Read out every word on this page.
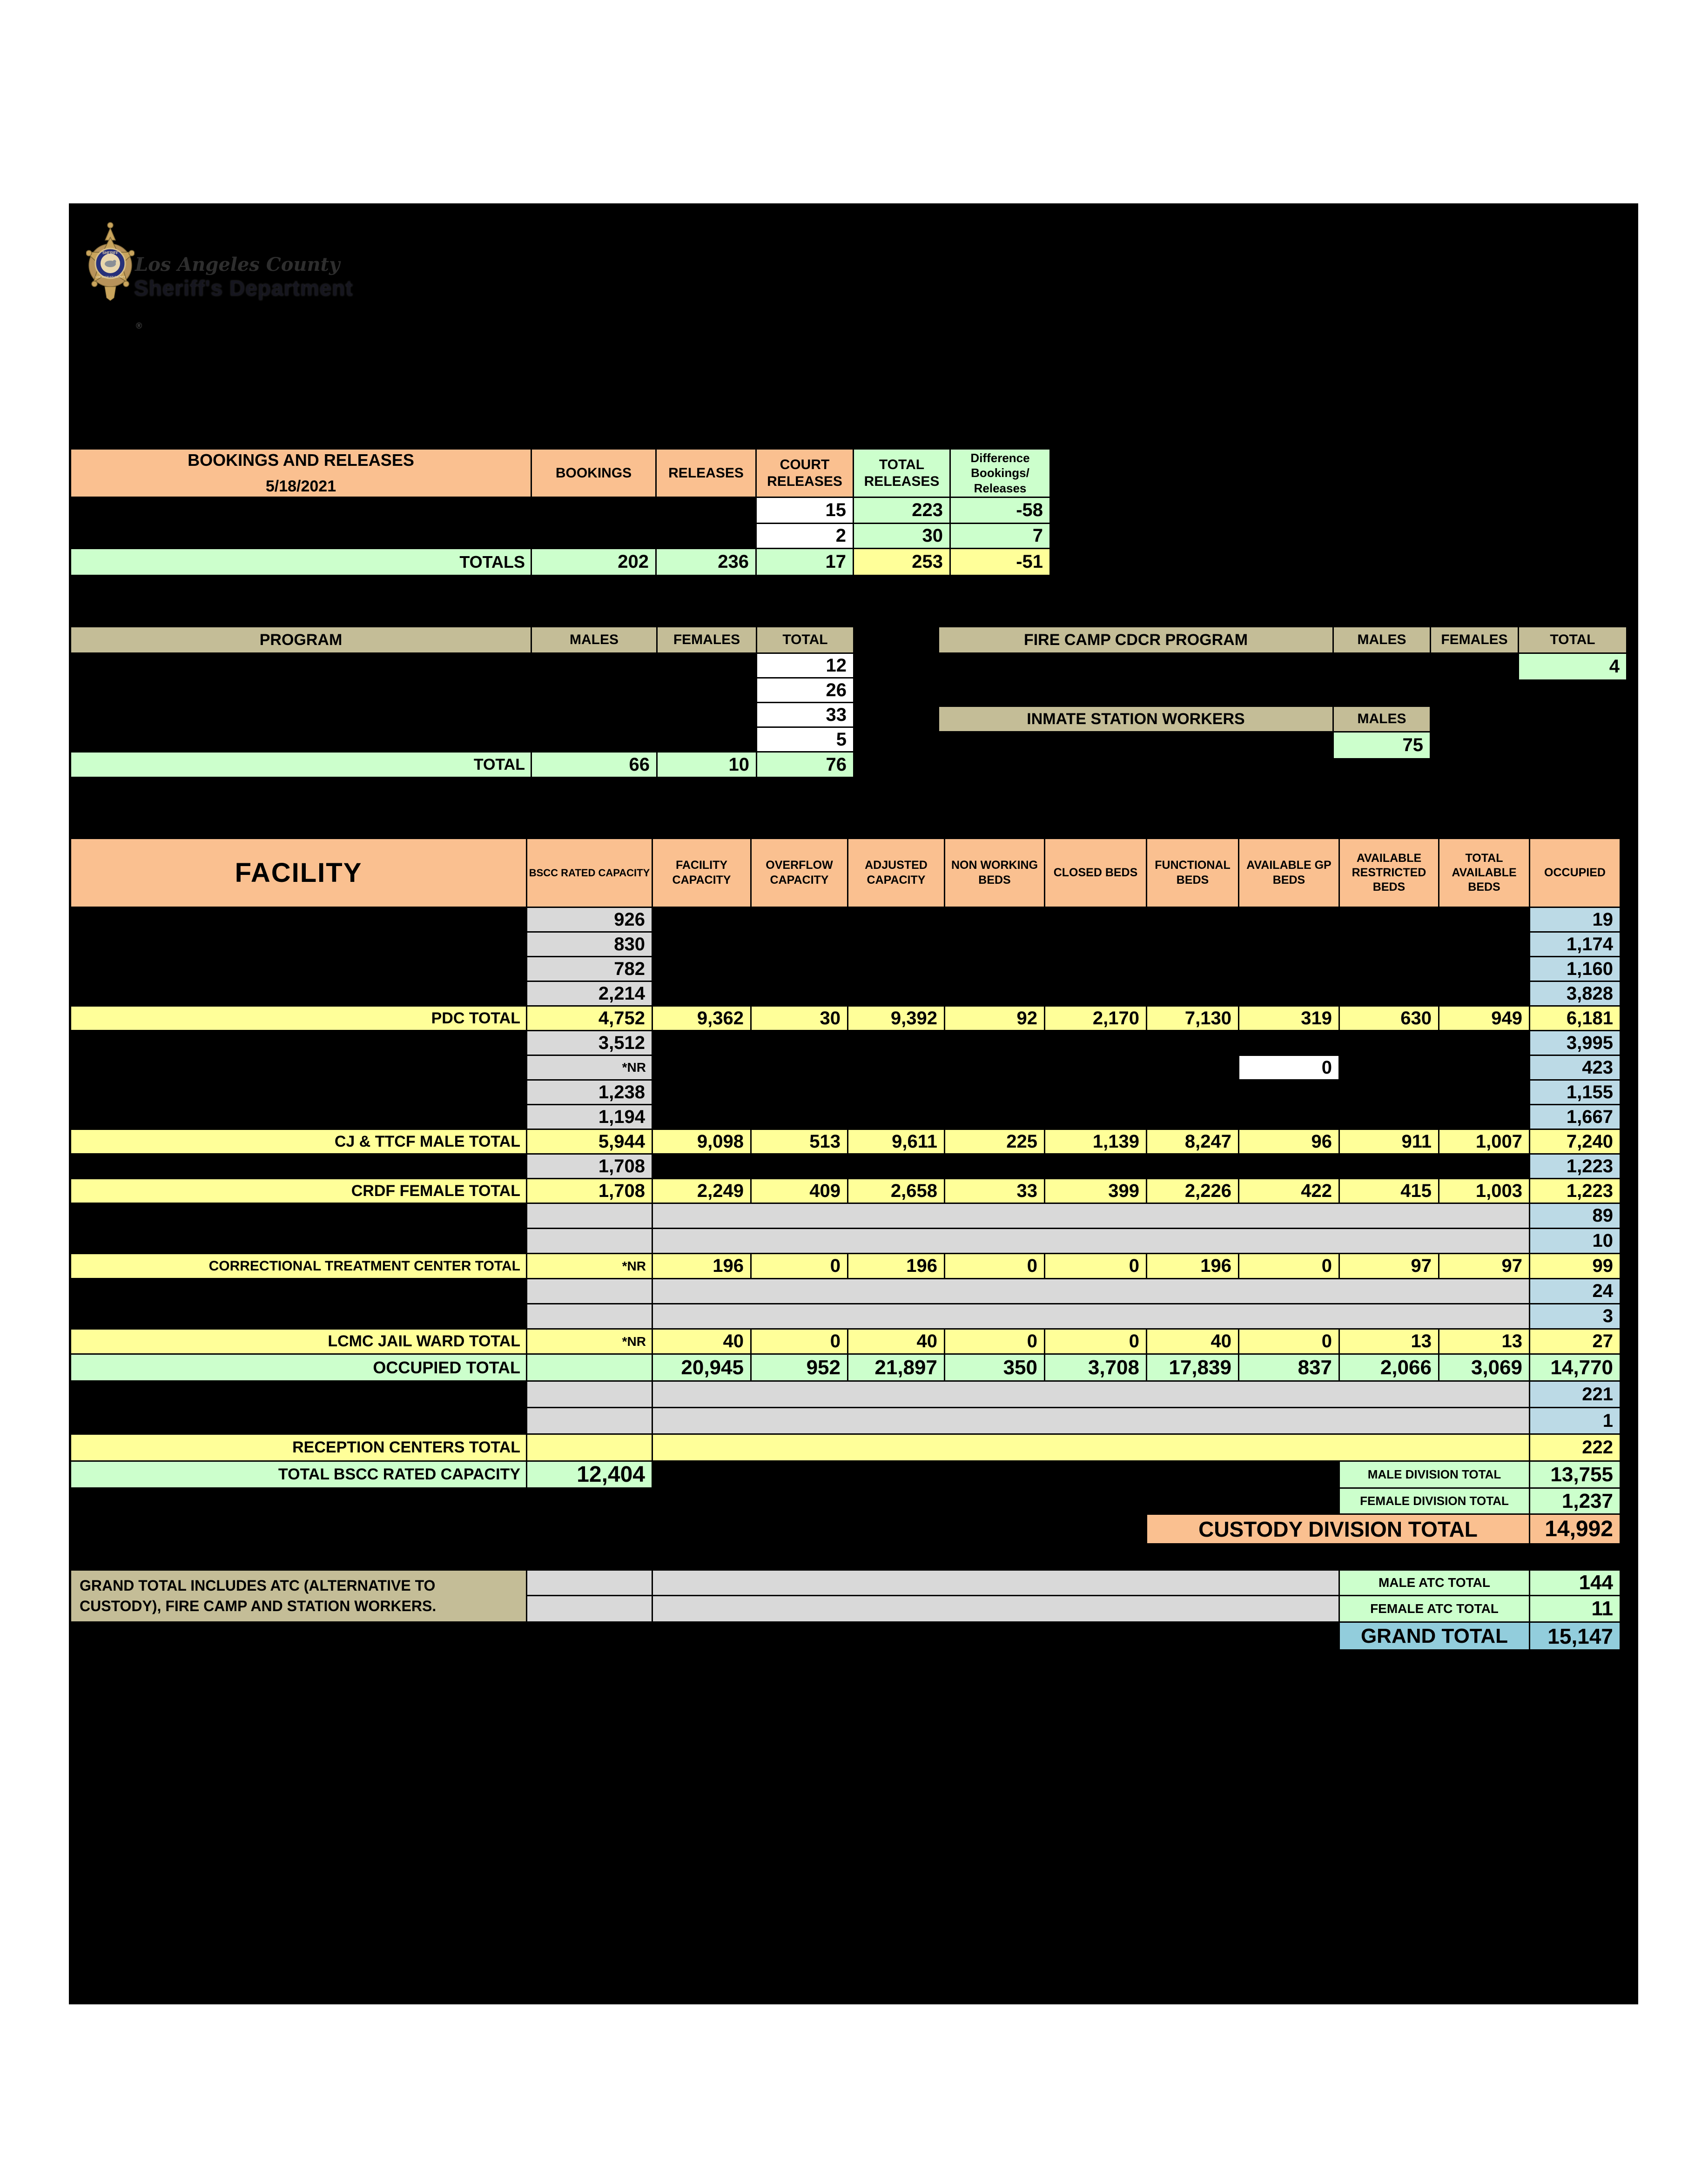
SHERIFF
LOS ANGELES COUNTY
Los Angeles County
Sheriff's Department
®
BOOKINGS AND RELEASES
5/18/2021	BOOKINGS	RELEASES	COURT RELEASES	TOTAL RELEASES	Difference Bookings/ Releases
			15	223	-58
			2	30	7
TOTALS	202	236	17	253	-51
PROGRAM	MALES	FEMALES	TOTAL
			12
			26
			33
			5
TOTAL	66	10	76
FIRE CAMP CDCR PROGRAM	MALES	FEMALES	TOTAL
			4
INMATE STATION WORKERS	MALES
	75
FACILITY	BSCC RATED CAPACITY	FACILITY CAPACITY	OVERFLOW CAPACITY	ADJUSTED CAPACITY	NON WORKING BEDS	CLOSED BEDS	FUNCTIONAL BEDS	AVAILABLE GP BEDS	AVAILABLE RESTRICTED BEDS	TOTAL AVAILABLE BEDS	OCCUPIED
	926										19
	830										1,174
	782										1,160
	2,214										3,828
PDC TOTAL	4,752	9,362	30	9,392	92	2,170	7,130	319	630	949	6,181
	3,512										3,995
	*NR							0			423
	1,238										1,155
	1,194										1,667
CJ & TTCF MALE TOTAL	5,944	9,098	513	9,611	225	1,139	8,247	96	911	1,007	7,240
	1,708										1,223
CRDF FEMALE TOTAL	1,708	2,249	409	2,658	33	399	2,226	422	415	1,003	1,223
											89
											10
CORRECTIONAL TREATMENT CENTER TOTAL	*NR	196	0	196	0	0	196	0	97	97	99
											24
											3
LCMC JAIL WARD TOTAL	*NR	40	0	40	0	0	40	0	13	13	27
OCCUPIED TOTAL		20,945	952	21,897	350	3,708	17,839	837	2,066	3,069	14,770
											221
											1
RECEPTION CENTERS TOTAL											222
TOTAL BSCC RATED CAPACITY	12,404								MALE DIVISION TOTAL		13,755
									FEMALE DIVISION TOTAL		1,237
							CUSTODY DIVISION TOTAL				14,992
GRAND TOTAL INCLUDES ATC (ALTERNATIVE TO CUSTODY), FIRE CAMP AND STATION WORKERS.			MALE ATC TOTAL	144
			FEMALE ATC TOTAL	11
			GRAND TOTAL	15,147
